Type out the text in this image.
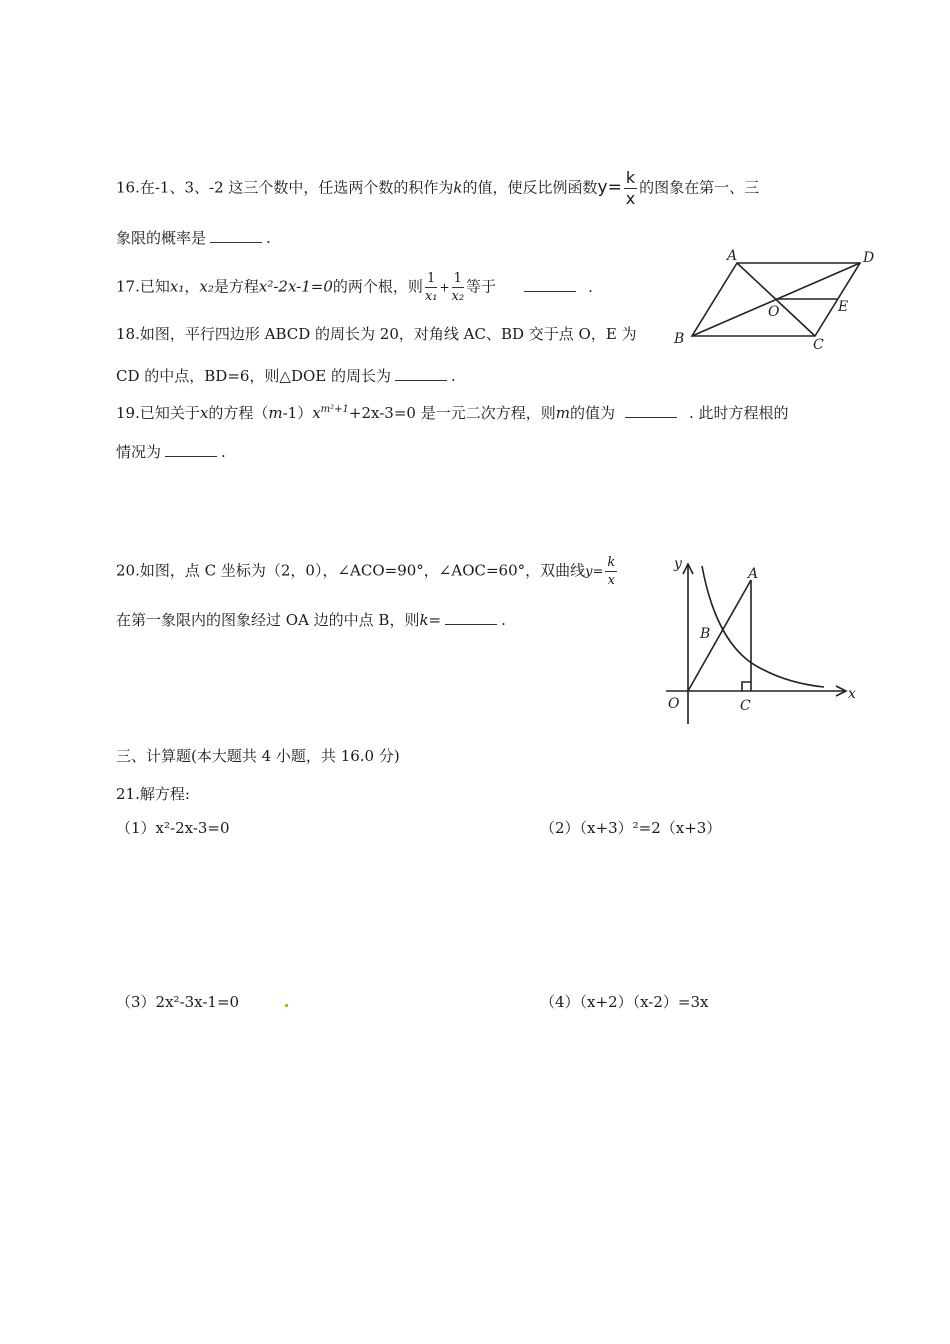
16.在-1、3、-2 这三个数中，任选两个数的积作为k的值，使反比例函数$y= \frac{k}{x}$ 的图象在第一、三
象限的概率是	.
17.已知x₁，x₂是方程x²-2x-1=0的两个根，则 $\frac{1}{\text{x₁}} + \frac{1}{\text{x₂}}$ 等于	.
18.如图，平行四边形 ABCD 的周长为 20，对角线 AC、BD 交于点 O，E 为
CD 的中点，BD=6，则△DOE 的周长为	.
A	D
O	E
B	C
19.已知关于x的方程$(m-1)x^{m^2+1}+2x-3=0$ 是一元二次方程，则m的值为	. 此时方程根的
情况为	.
20.如图，点 C 坐标为（2，0），∠ACO=90°，∠AOC=60°，双曲线$y= \frac{k}{x}$
在第一象限内的图象经过 OA 边的中点 B，则k=	.
y
x
O
A
B
C
三、计算题(本大题共 4 小题，共 16.0 分)
21.解方程:
（1）x²-2x-3=0	（2）（x+3）²=2（x+3）
（3）2x²-3x-1=0	（4）（x+2）（x-2）=3x
